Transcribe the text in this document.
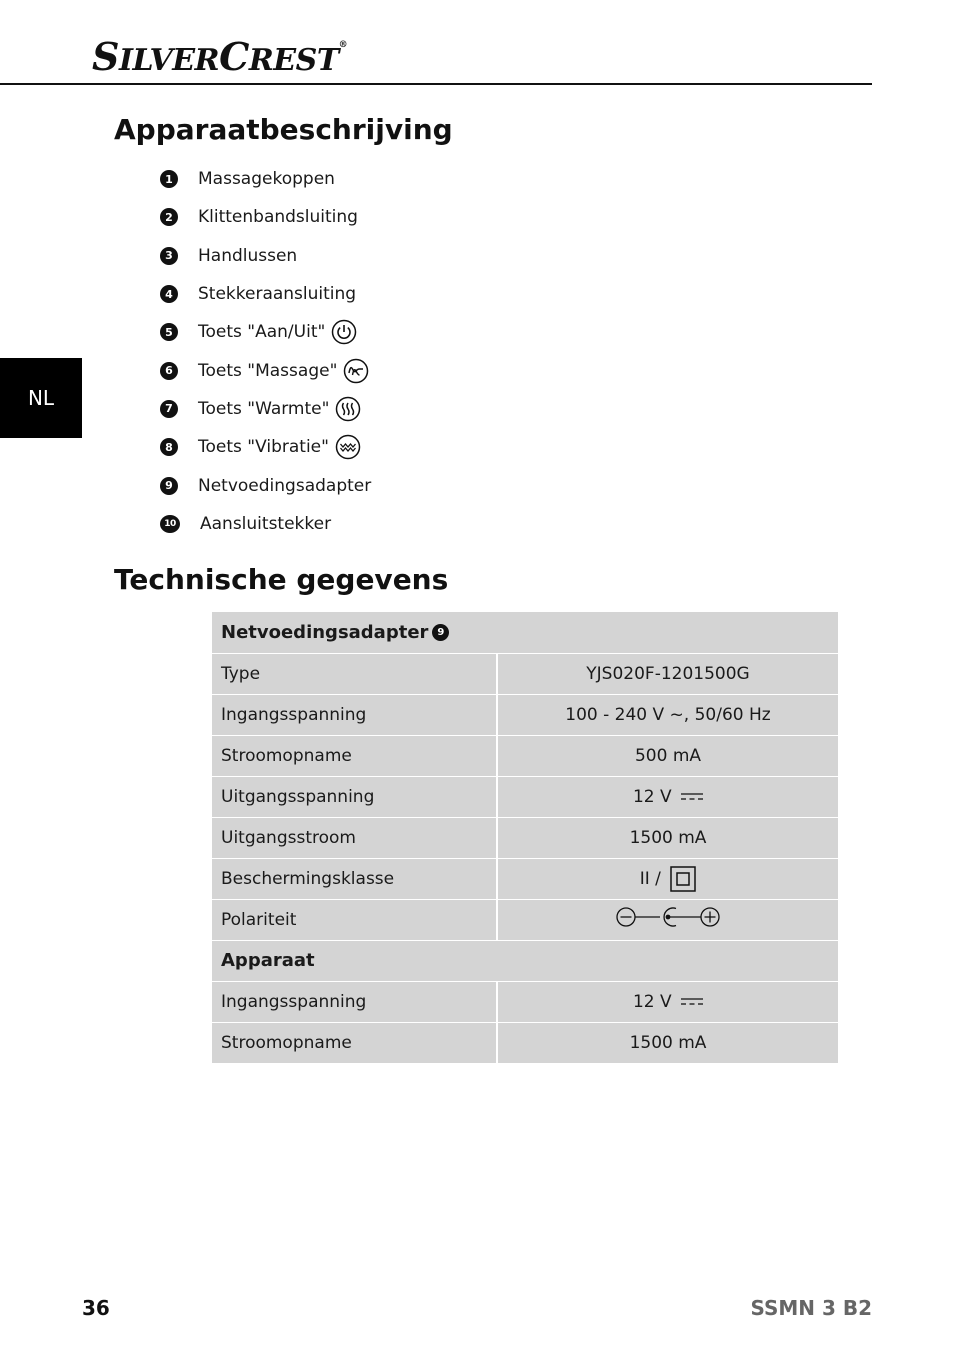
SILVERCREST®
NL
Apparaatbeschrijving
1	Massagekoppen
2	Klittenbandsluiting
3	Handlussen
4	Stekkeraansluiting
5	Toets "Aan/Uit"
6	Toets "Massage"
7	Toets "Warmte"
8	Toets "Vibratie"
9	Netvoedingsadapter
10 Aansluitstekker
Technische gegevens
Netvoedingsadapter 9	
Type	YJS020F-1201500G
Ingangsspanning	100 - 240 V ~, 50/60 Hz
Stroomopname	500 mA
Uitgangsspanning	12 V
Uitgangsstroom	1500 mA
Beschermingsklasse	II /
Polariteit	
Apparaat	
Ingangsspanning	12 V
Stroomopname	1500 mA
36	SSMN 3 B2
